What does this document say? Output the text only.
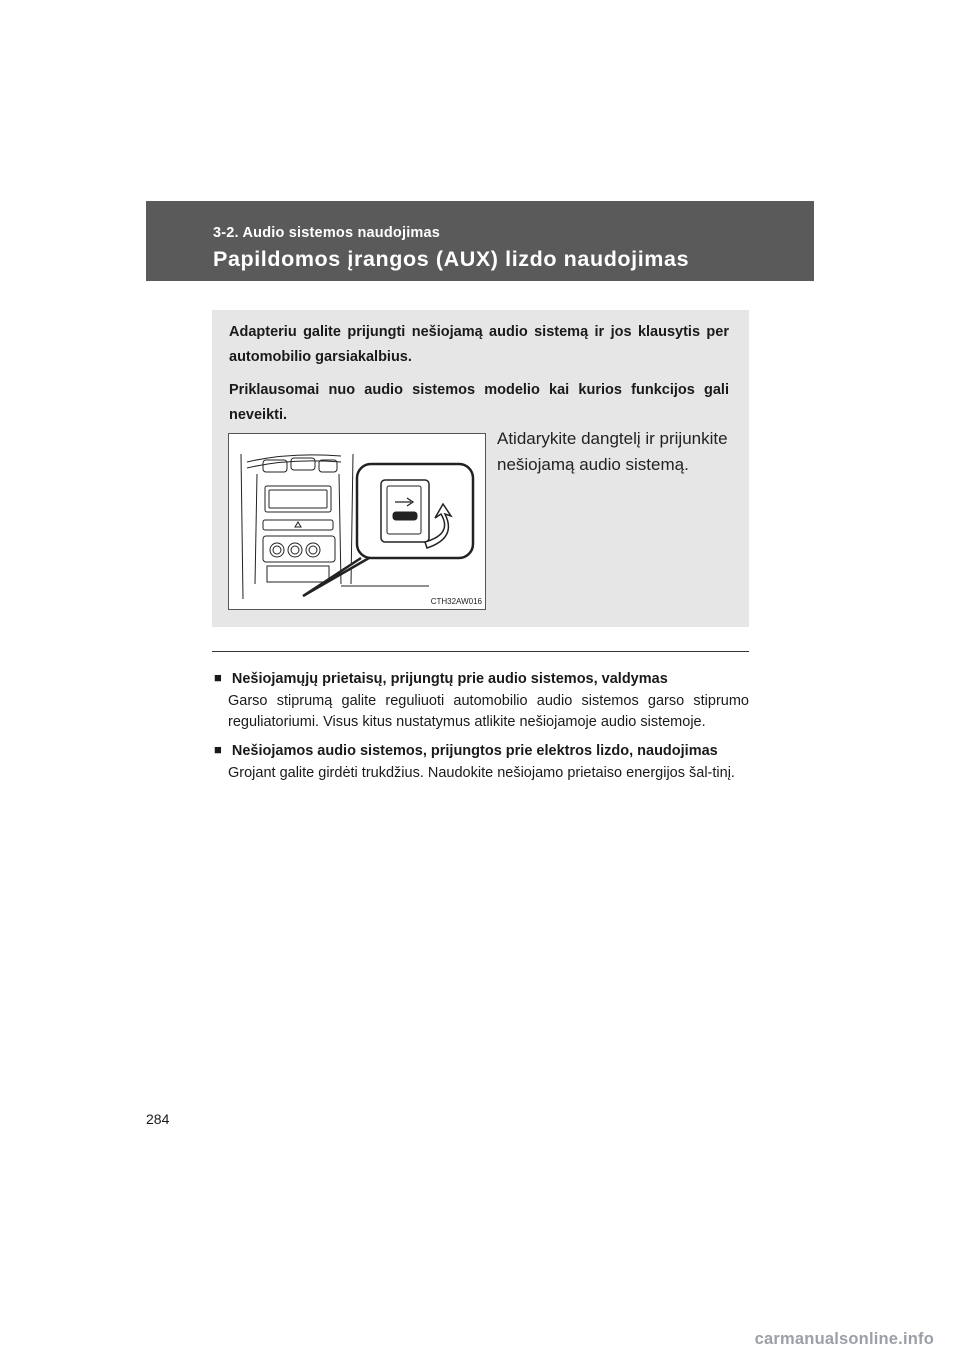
3-2. Audio sistemos naudojimas
Papildomos įrangos (AUX) lizdo naudojimas

Adapteriu galite prijungti nešiojamą audio sistemą ir jos klausytis per automobilio garsiakalbius.

Priklausomai nuo audio sistemos modelio kai kurios funkcijos gali neveikti.

CTH32AW016

Atidarykite dangtelį ir prijunkite nešiojamą audio sistemą.

■ Nešiojamųjų prietaisų, prijungtų prie audio sistemos, valdymas
Garso stiprumą galite reguliuoti automobilio audio sistemos garso stiprumo reguliatoriumi. Visus kitus nustatymus atlikite nešiojamoje audio sistemoje.
■ Nešiojamos audio sistemos, prijungtos prie elektros lizdo, naudojimas
Grojant galite girdėti trukdžius. Naudokite nešiojamo prietaiso energijos šal-tinį.
284
carmanualsonline.info
